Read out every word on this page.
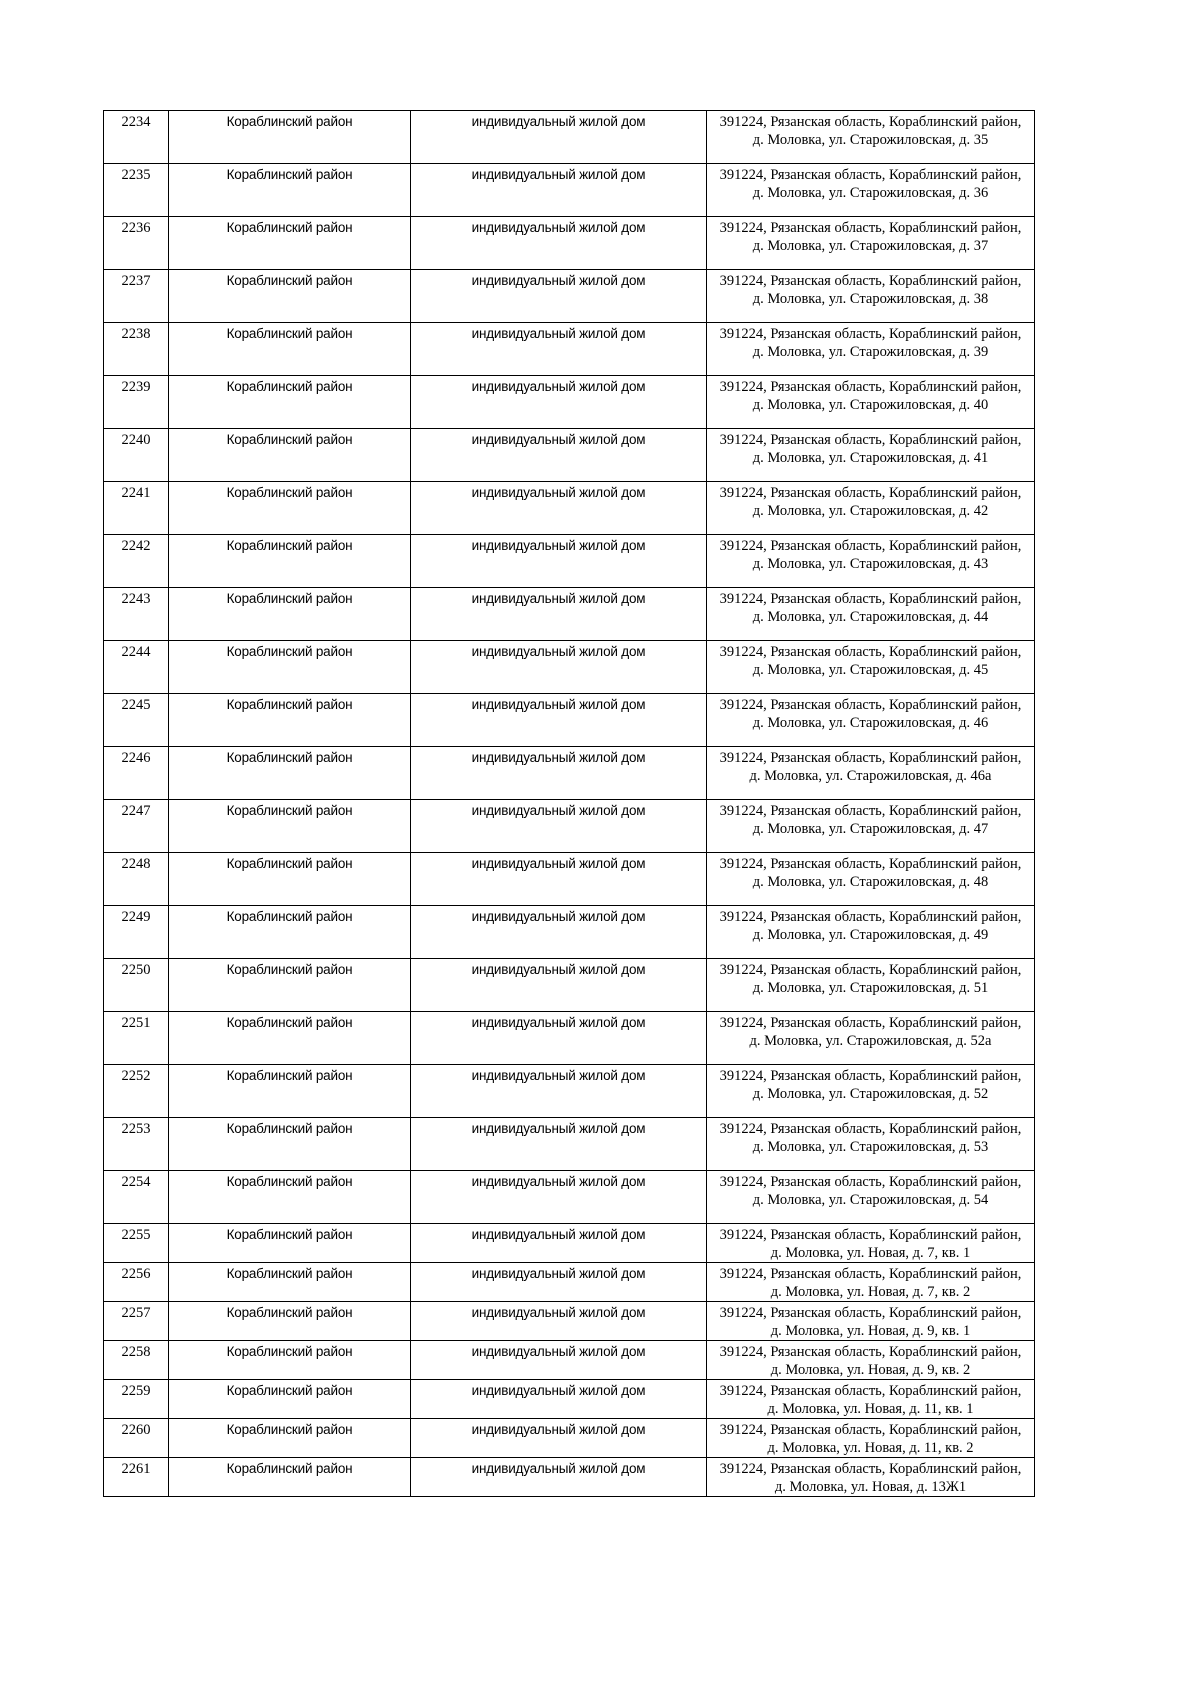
2234	Кораблинский район	индивидуальный жилой дом	391224, Рязанская область, Кораблинский район,
д. Моловка, ул. Старожиловская, д. 35

2235	Кораблинский район	индивидуальный жилой дом	391224, Рязанская область, Кораблинский район,
д. Моловка, ул. Старожиловская, д. 36

2236	Кораблинский район	индивидуальный жилой дом	391224, Рязанская область, Кораблинский район,
д. Моловка, ул. Старожиловская, д. 37

2237	Кораблинский район	индивидуальный жилой дом	391224, Рязанская область, Кораблинский район,
д. Моловка, ул. Старожиловская, д. 38

2238	Кораблинский район	индивидуальный жилой дом	391224, Рязанская область, Кораблинский район,
д. Моловка, ул. Старожиловская, д. 39

2239	Кораблинский район	индивидуальный жилой дом	391224, Рязанская область, Кораблинский район,
д. Моловка, ул. Старожиловская, д. 40

2240	Кораблинский район	индивидуальный жилой дом	391224, Рязанская область, Кораблинский район,
д. Моловка, ул. Старожиловская, д. 41

2241	Кораблинский район	индивидуальный жилой дом	391224, Рязанская область, Кораблинский район,
д. Моловка, ул. Старожиловская, д. 42

2242	Кораблинский район	индивидуальный жилой дом	391224, Рязанская область, Кораблинский район,
д. Моловка, ул. Старожиловская, д. 43

2243	Кораблинский район	индивидуальный жилой дом	391224, Рязанская область, Кораблинский район,
д. Моловка, ул. Старожиловская, д. 44

2244	Кораблинский район	индивидуальный жилой дом	391224, Рязанская область, Кораблинский район,
д. Моловка, ул. Старожиловская, д. 45

2245	Кораблинский район	индивидуальный жилой дом	391224, Рязанская область, Кораблинский район,
д. Моловка, ул. Старожиловская, д. 46

2246	Кораблинский район	индивидуальный жилой дом	391224, Рязанская область, Кораблинский район,
д. Моловка, ул. Старожиловская, д. 46а

2247	Кораблинский район	индивидуальный жилой дом	391224, Рязанская область, Кораблинский район,
д. Моловка, ул. Старожиловская, д. 47

2248	Кораблинский район	индивидуальный жилой дом	391224, Рязанская область, Кораблинский район,
д. Моловка, ул. Старожиловская, д. 48

2249	Кораблинский район	индивидуальный жилой дом	391224, Рязанская область, Кораблинский район,
д. Моловка, ул. Старожиловская, д. 49

2250	Кораблинский район	индивидуальный жилой дом	391224, Рязанская область, Кораблинский район,
д. Моловка, ул. Старожиловская, д. 51

2251	Кораблинский район	индивидуальный жилой дом	391224, Рязанская область, Кораблинский район,
д. Моловка, ул. Старожиловская, д. 52а

2252	Кораблинский район	индивидуальный жилой дом	391224, Рязанская область, Кораблинский район,
д. Моловка, ул. Старожиловская, д. 52

2253	Кораблинский район	индивидуальный жилой дом	391224, Рязанская область, Кораблинский район,
д. Моловка, ул. Старожиловская, д. 53

2254	Кораблинский район	индивидуальный жилой дом	391224, Рязанская область, Кораблинский район,
д. Моловка, ул. Старожиловская, д. 54

2255	Кораблинский район	индивидуальный жилой дом	391224, Рязанская область, Кораблинский район,
д. Моловка, ул. Новая, д. 7, кв. 1

2256	Кораблинский район	индивидуальный жилой дом	391224, Рязанская область, Кораблинский район,
д. Моловка, ул. Новая, д. 7, кв. 2

2257	Кораблинский район	индивидуальный жилой дом	391224, Рязанская область, Кораблинский район,
д. Моловка, ул. Новая, д. 9, кв. 1

2258	Кораблинский район	индивидуальный жилой дом	391224, Рязанская область, Кораблинский район,
д. Моловка, ул. Новая, д. 9, кв. 2

2259	Кораблинский район	индивидуальный жилой дом	391224, Рязанская область, Кораблинский район,
д. Моловка, ул. Новая, д. 11, кв. 1

2260	Кораблинский район	индивидуальный жилой дом	391224, Рязанская область, Кораблинский район,
д. Моловка, ул. Новая, д. 11, кв. 2

2261	Кораблинский район	индивидуальный жилой дом	391224, Рязанская область, Кораблинский район,
д. Моловка, ул. Новая, д. 13Ж1
